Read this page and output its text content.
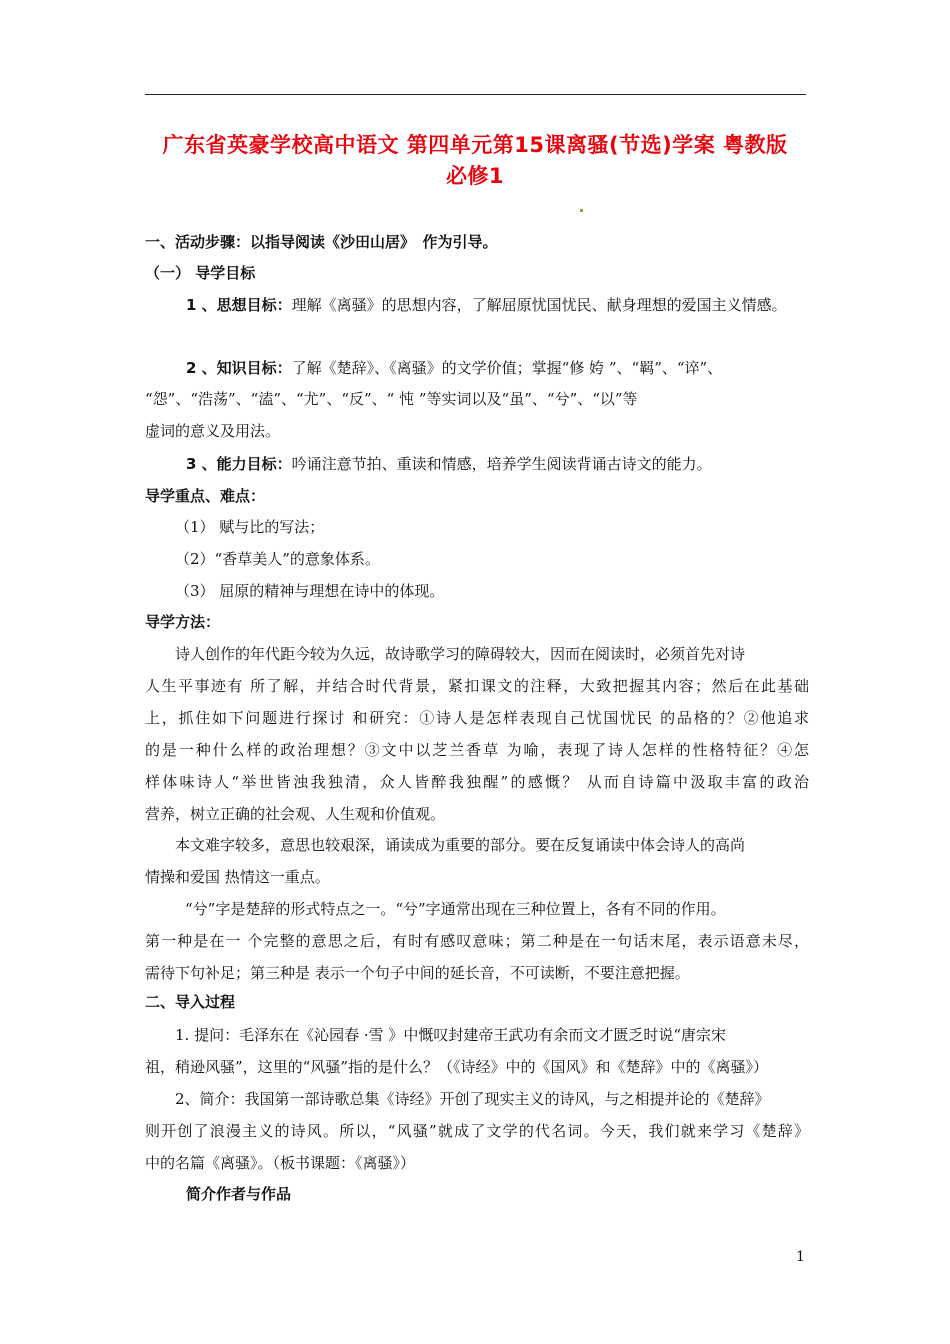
广东省英豪学校高中语文 第四单元第15课离骚(节选)学案 粤教版
必修1
一、活动步骤：以指导阅读《沙田山居》　作为引导。
（一） 导学目标
1 、思想目标：理解《离骚》的思想内容，了解屈原忧国忧民、献身理想的爱国主义情感。
2 、知识目标：了解《楚辞》、《离骚》的文学价值；掌握“修 姱 ”、“羁”、“谇”、
“怨”、“浩荡”、“溘”、“尤”、“反”、“ 忳 ”等实词以及“虽”、“兮”、“以”等
虚词的意义及用法。
3 、能力目标：吟诵注意节拍、重读和情感，培养学生阅读背诵古诗文的能力。
导学重点、难点：
（1） 赋与比的写法；
（2）“香草美人”的意象体系。
（3） 屈原的精神与理想在诗中的体现。
导学方法：
诗人创作的年代距今较为久远，故诗歌学习的障碍较大，因而在阅读时，必须首先对诗
人生平事迹有 所了解，并结合时代背景，紧扣课文的注释，大致把握其内容；然后在此基础
上，抓住如下问题进行探讨 和研究：①诗人是怎样表现自己忧国忧民 的品格的？②他追求
的是一种什么样的政治理想？③文中以芝兰香草 为喻，表现了诗人怎样的性格特征？④怎
样体味诗人“举世皆浊我独清，众人皆醉我独醒”的感慨？ 从而自诗篇中汲取丰富的政治
营养，树立正确的社会观、人生观和价值观。
本文难字较多，意思也较艰深，诵读成为重要的部分。要在反复诵读中体会诗人的高尚
情操和爱国 热情这一重点。
“兮”字是楚辞的形式特点之一。“兮”字通常出现在三种位置上，各有不同的作用。
第一种是在一 个完整的意思之后，有时有感叹意味；第二种是在一句话末尾，表示语意未尽，
需待下句补足；第三种是 表示一个句子中间的延长音，不可读断，不要注意把握。
二、导入过程
1. 提问：毛泽东在《沁园春 ·雪 》中慨叹封建帝王武功有余而文才匮乏时说“唐宗宋
祖，稍逊风骚”，这里的“风骚”指的是什么？（《诗经》中的《国风》和《楚辞》中的《离骚》）
2、简介：我国第一部诗歌总集《诗经》开创了现实主义的诗风，与之相提并论的《楚辞》
则开创了浪漫主义的诗风。所以，“风骚”就成了文学的代名词。今天，我们就来学习《楚辞》
中的名篇《离骚》。（板书课题：《离骚》）
简介作者与作品
1
